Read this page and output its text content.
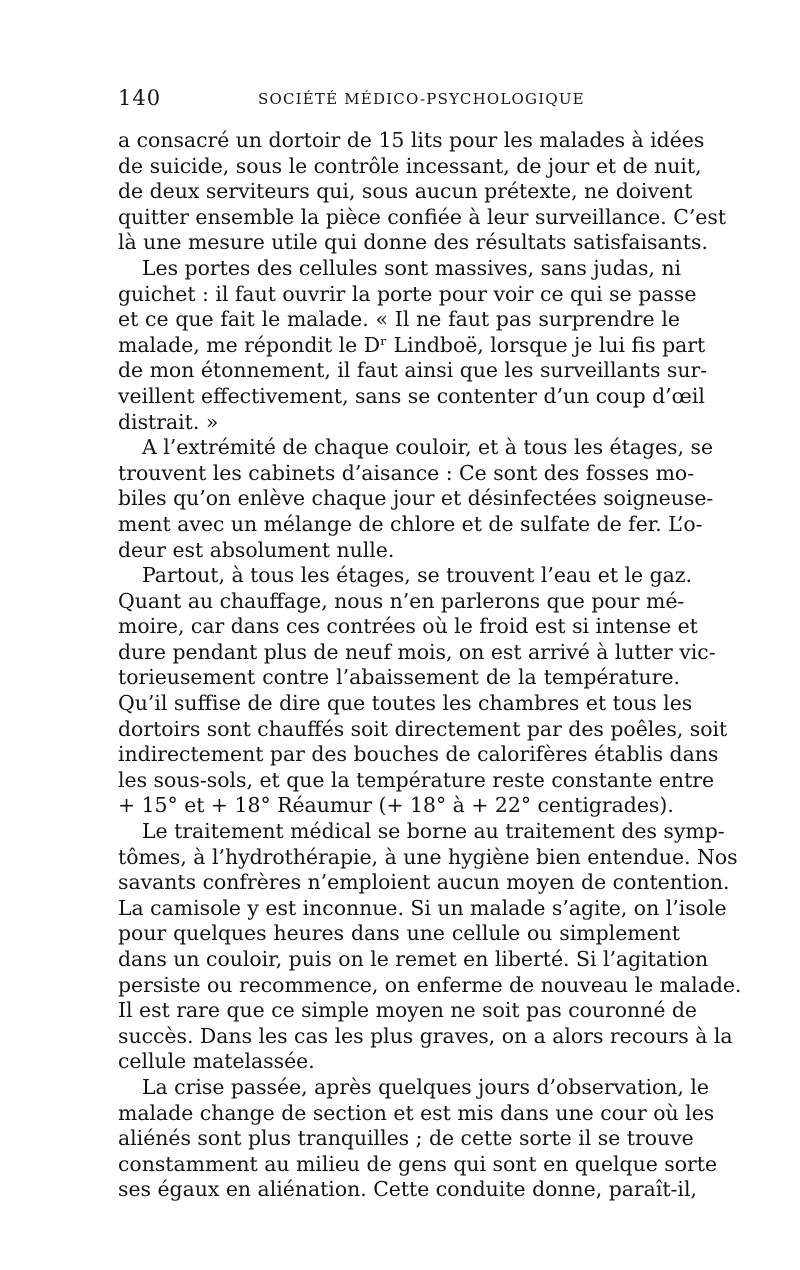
140	SOCIÉTÉ MÉDICO-PSYCHOLOGIQUE
a consacré un dortoir de 15 lits pour les malades à idées
de suicide, sous le contrôle incessant, de jour et de nuit,
de deux serviteurs qui, sous aucun prétexte, ne doivent
quitter ensemble la pièce confiée à leur surveillance. C’est
là une mesure utile qui donne des résultats satisfaisants.
Les portes des cellules sont massives, sans judas, ni
guichet : il faut ouvrir la porte pour voir ce qui se passe
et ce que fait le malade. « Il ne faut pas surprendre le
malade, me répondit le Dʳ Lindboë, lorsque je lui fis part
de mon étonnement, il faut ainsi que les surveillants sur-
veillent effectivement, sans se contenter d’un coup d’œil
distrait. »
A l’extrémité de chaque couloir, et à tous les étages, se
trouvent les cabinets d’aisance : Ce sont des fosses mo-
biles qu’on enlève chaque jour et désinfectées soigneuse-
ment avec un mélange de chlore et de sulfate de fer. L’o-
deur est absolument nulle.
Partout, à tous les étages, se trouvent l’eau et le gaz.
Quant au chauffage, nous n’en parlerons que pour mé-
moire, car dans ces contrées où le froid est si intense et
dure pendant plus de neuf mois, on est arrivé à lutter vic-
torieusement contre l’abaissement de la température.
Qu’il suffise de dire que toutes les chambres et tous les
dortoirs sont chauffés soit directement par des poêles, soit
indirectement par des bouches de calorifères établis dans
les sous-sols, et que la température reste constante entre
+ 15° et + 18° Réaumur (+ 18° à + 22° centigrades).
Le traitement médical se borne au traitement des symp-
tômes, à l’hydrothérapie, à une hygiène bien entendue. Nos
savants confrères n’emploient aucun moyen de contention.
La camisole y est inconnue. Si un malade s’agite, on l’isole
pour quelques heures dans une cellule ou simplement
dans un couloir, puis on le remet en liberté. Si l’agitation
persiste ou recommence, on enferme de nouveau le malade.
Il est rare que ce simple moyen ne soit pas couronné de
succès. Dans les cas les plus graves, on a alors recours à la
cellule matelassée.
La crise passée, après quelques jours d’observation, le
malade change de section et est mis dans une cour où les
aliénés sont plus tranquilles ; de cette sorte il se trouve
constamment au milieu de gens qui sont en quelque sorte
ses égaux en aliénation. Cette conduite donne, paraît-il,
